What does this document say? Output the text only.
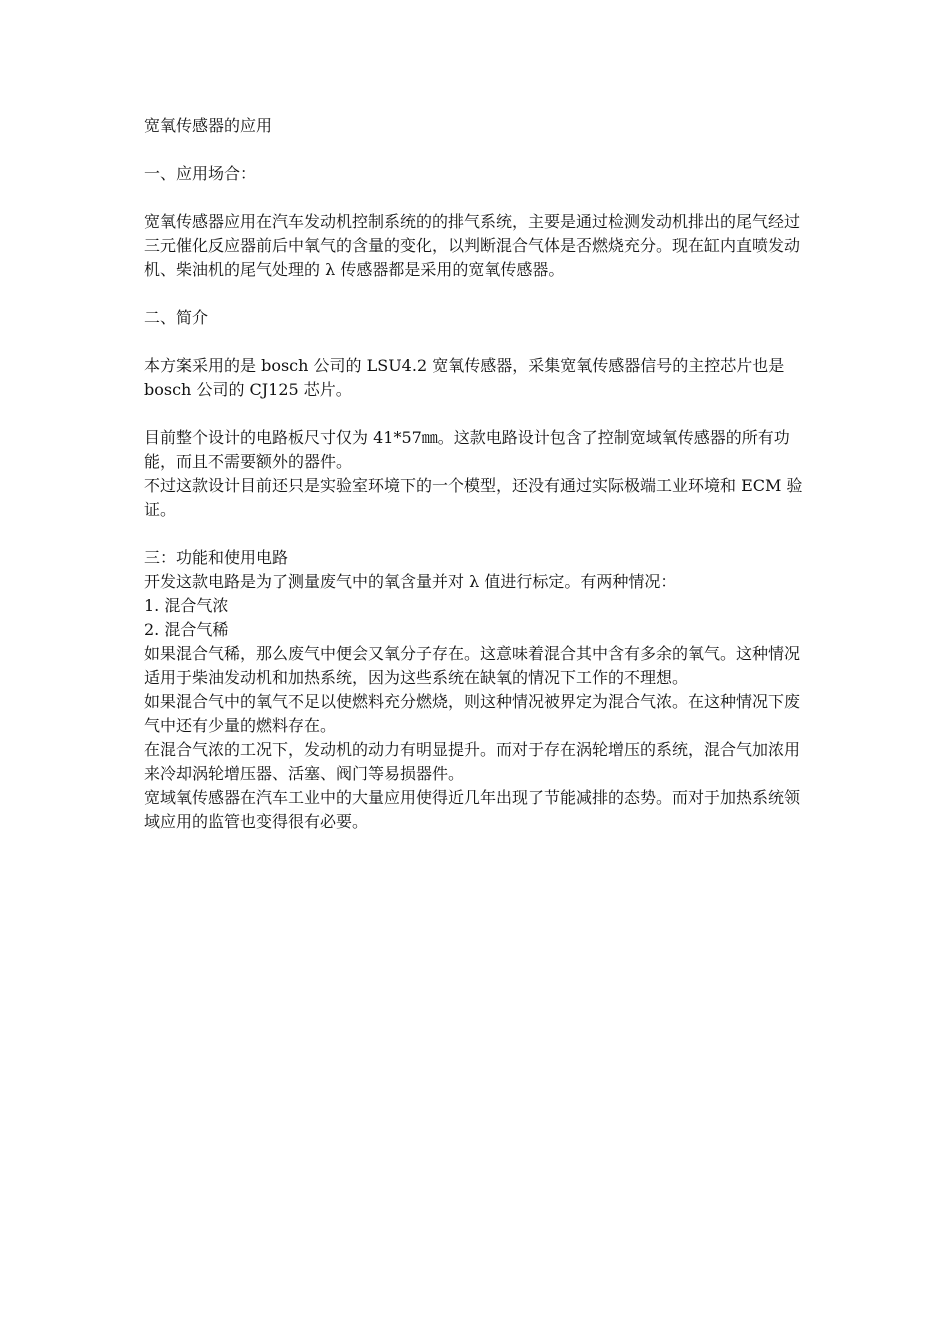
宽氧传感器的应用

一、应用场合：

宽氧传感器应用在汽车发动机控制系统的的排气系统，主要是通过检测发动机排出的尾气经过三元催化反应器前后中氧气的含量的变化，以判断混合气体是否燃烧充分。现在缸内直喷发动机、柴油机的尾气处理的 λ 传感器都是采用的宽氧传感器。

二、简介

本方案采用的是 bosch 公司的 LSU4.2 宽氧传感器，采集宽氧传感器信号的主控芯片也是 bosch 公司的 CJ125 芯片。

目前整个设计的电路板尺寸仅为 41*57㎜。这款电路设计包含了控制宽域氧传感器的所有功能，而且不需要额外的器件。

不过这款设计目前还只是实验室环境下的一个模型，还没有通过实际极端工业环境和 ECM 验证。

三：功能和使用电路

开发这款电路是为了测量废气中的氧含量并对 λ 值进行标定。有两种情况：

1. 混合气浓

2. 混合气稀

如果混合气稀，那么废气中便会又氧分子存在。这意味着混合其中含有多余的氧气。这种情况适用于柴油发动机和加热系统，因为这些系统在缺氧的情况下工作的不理想。

如果混合气中的氧气不足以使燃料充分燃烧，则这种情况被界定为混合气浓。在这种情况下废气中还有少量的燃料存在。

在混合气浓的工况下，发动机的动力有明显提升。而对于存在涡轮增压的系统，混合气加浓用来冷却涡轮增压器、活塞、阀门等易损器件。

宽域氧传感器在汽车工业中的大量应用使得近几年出现了节能减排的态势。而对于加热系统领域应用的监管也变得很有必要。
